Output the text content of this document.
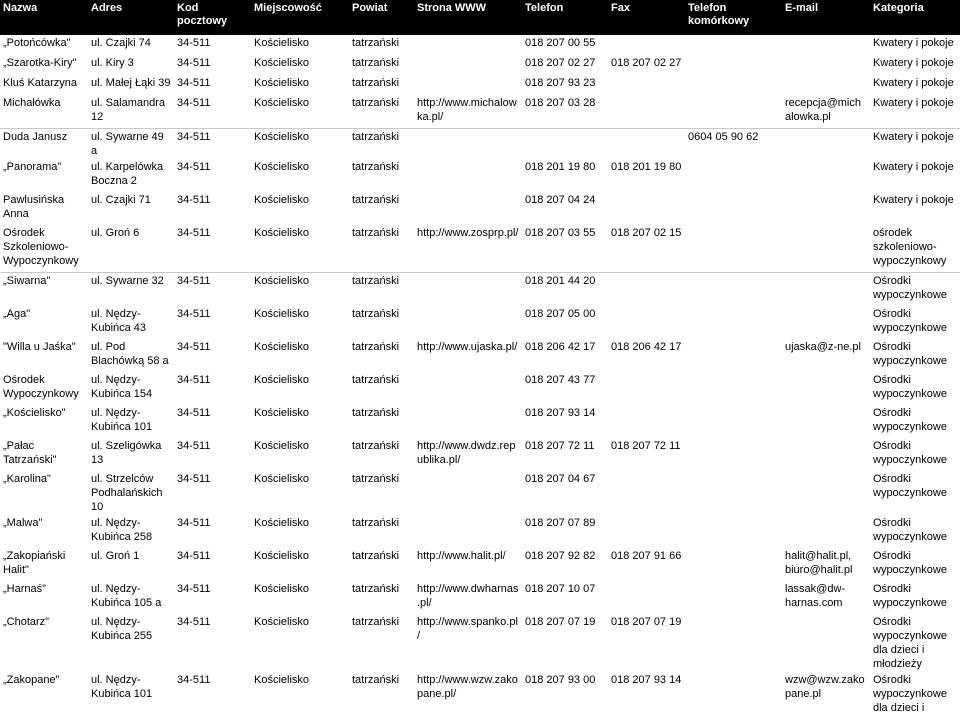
Nazwa	Adres	Kod pocztowy	Miejscowość	Powiat	Strona WWW	Telefon	Fax	Telefon komórkowy	E-mail	Kategoria
„Potońcówka"	ul. Czajki 74	34-511	Kościelisko	tatrzański		018 207 00 55				Kwatery i pokoje
„Szarotka-Kiry"	ul. Kiry 3	34-511	Kościelisko	tatrzański		018 207 02 27	018 207 02 27			Kwatery i pokoje
Kluś Katarzyna	ul. Małej Łąki 39	34-511	Kościelisko	tatrzański		018 207 93 23				Kwatery i pokoje
Michałówka	ul. Salamandra 12	34-511	Kościelisko	tatrzański	http://www.michalowka.pl/	018 207 03 28			recepcja@michalowka.pl	Kwatery i pokoje
Duda Janusz	ul. Sywarne 49 a	34-511	Kościelisko	tatrzański				0604 05 90 62		Kwatery i pokoje
„Panorama"	ul. Karpelówka Boczna 2	34-511	Kościelisko	tatrzański		018 201 19 80	018 201 19 80			Kwatery i pokoje
Pawlusińska Anna	ul. Czajki 71	34-511	Kościelisko	tatrzański		018 207 04 24				Kwatery i pokoje
Ośrodek Szkoleniowo-Wypoczynkowy	ul. Groń 6	34-511	Kościelisko	tatrzański	http://www.zosprp.pl/	018 207 03 55	018 207 02 15			ośrodek szkoleniowo-wypoczynkowy
„Siwarna"	ul. Sywarne 32	34-511	Kościelisko	tatrzański		018 201 44 20				Ośrodki wypoczynkowe
„Aga"	ul. Nędzy-Kubińca 43	34-511	Kościelisko	tatrzański		018 207 05 00				Ośrodki wypoczynkowe
"Willa u Jaśka"	ul. Pod Blachówką 58 a	34-511	Kościelisko	tatrzański	http://www.ujaska.pl/	018 206 42 17	018 206 42 17		ujaska@z-ne.pl	Ośrodki wypoczynkowe
Ośrodek Wypoczynkowy	ul. Nędzy-Kubińca 154	34-511	Kościelisko	tatrzański		018 207 43 77				Ośrodki wypoczynkowe
„Kościelisko"	ul. Nędzy-Kubińca 101	34-511	Kościelisko	tatrzański		018 207 93 14				Ośrodki wypoczynkowe
„Pałac Tatrzański"	ul. Szeligówka 13	34-511	Kościelisko	tatrzański	http://www.dwdz.republika.pl/	018 207 72 11	018 207 72 11			Ośrodki wypoczynkowe
„Karolina"	ul. Strzelców Podhalańskich 10	34-511	Kościelisko	tatrzański		018 207 04 67				Ośrodki wypoczynkowe
„Malwa"	ul. Nędzy-Kubińca 258	34-511	Kościelisko	tatrzański		018 207 07 89				Ośrodki wypoczynkowe
„Zakopiański Halit"	ul. Groń 1	34-511	Kościelisko	tatrzański	http://www.halit.pl/	018 207 92 82	018 207 91 66		halit@halit.pl, biuro@halit.pl	Ośrodki wypoczynkowe
„Harnaś"	ul. Nędzy-Kubińca 105 a	34-511	Kościelisko	tatrzański	http://www.dwharnas.pl/	018 207 10 07			lassak@dw-harnas.com	Ośrodki wypoczynkowe
„Chotarz"	ul. Nędzy-Kubińca 255	34-511	Kościelisko	tatrzański	http://www.spanko.pl/	018 207 07 19	018 207 07 19			Ośrodki wypoczynkowe dla dzieci i młodzieży
„Zakopane"	ul. Nędzy-Kubińca 101	34-511	Kościelisko	tatrzański	http://www.wzw.zakopane.pl/	018 207 93 00	018 207 93 14		wzw@wzw.zakopane.pl	Ośrodki wypoczynkowe dla dzieci i
